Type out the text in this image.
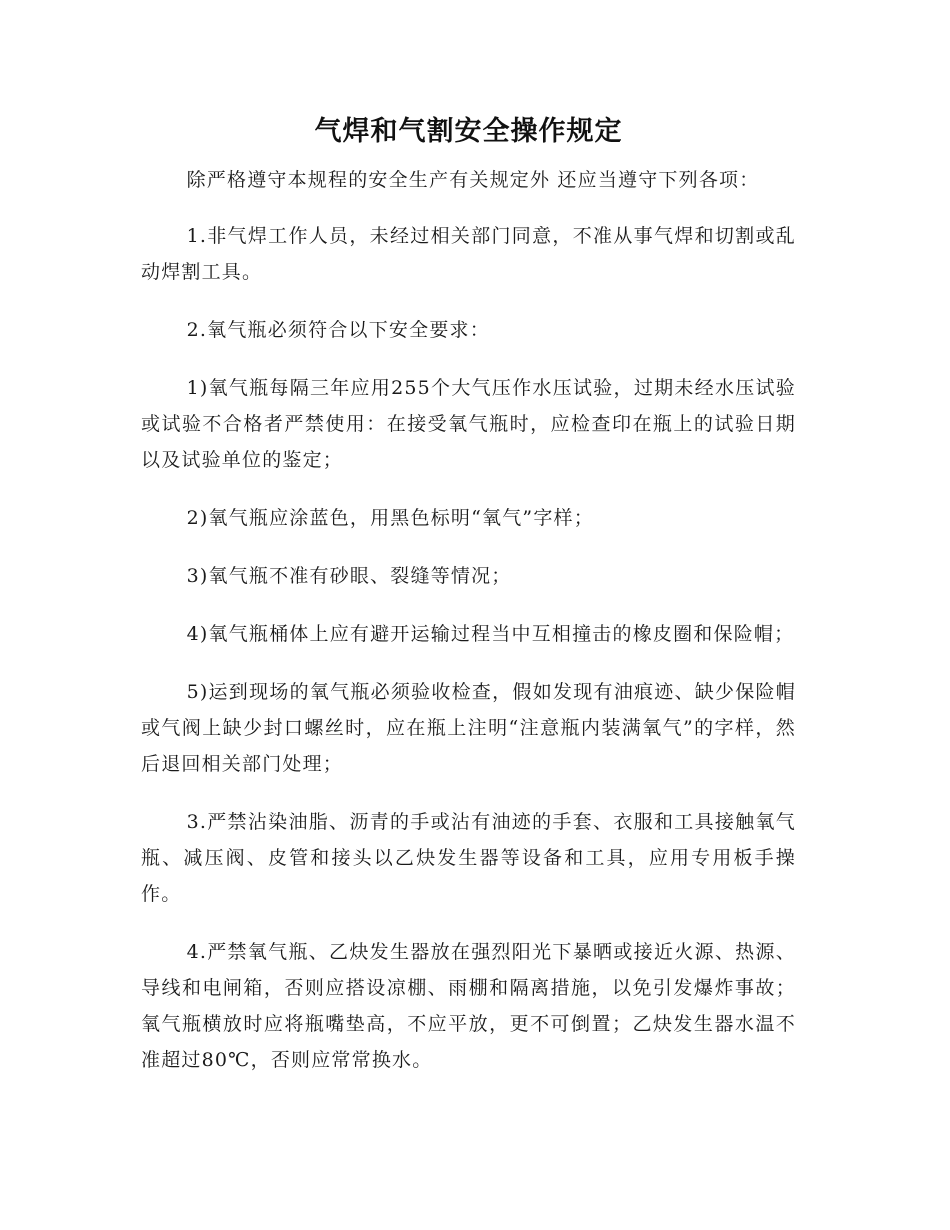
气焊和气割安全操作规定

除严格遵守本规程的安全生产有关规定外 还应当遵守下列各项：

1.非气焊工作人员，未经过相关部门同意，不准从事气焊和切割或乱动焊割工具。

2.氧气瓶必须符合以下安全要求：

1)氧气瓶每隔三年应用255个大气压作水压试验，过期未经水压试验或试验不合格者严禁使用：在接受氧气瓶时，应检查印在瓶上的试验日期以及试验单位的鉴定；

2)氧气瓶应涂蓝色，用黑色标明“氧气”字样；

3)氧气瓶不准有砂眼、裂缝等情况；

4)氧气瓶桶体上应有避开运输过程当中互相撞击的橡皮圈和保险帽；

5)运到现场的氧气瓶必须验收检查，假如发现有油痕迹、缺少保险帽或气阀上缺少封口螺丝时，应在瓶上注明“注意瓶内装满氧气”的字样，然后退回相关部门处理；

3.严禁沾染油脂、沥青的手或沾有油迹的手套、衣服和工具接触氧气瓶、减压阀、皮管和接头以乙炔发生器等设备和工具，应用专用板手操作。

4.严禁氧气瓶、乙炔发生器放在强烈阳光下暴晒或接近火源、热源、导线和电闸箱，否则应搭设凉棚、雨棚和隔离措施，以免引发爆炸事故；氧气瓶横放时应将瓶嘴垫高，不应平放，更不可倒置；乙炔发生器水温不准超过80℃，否则应常常换水。
